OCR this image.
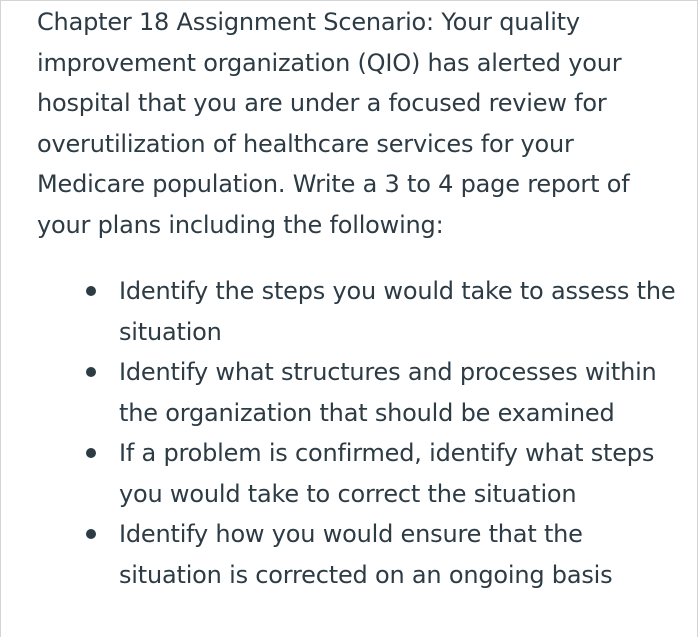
Chapter 18 Assignment Scenario: Your quality improvement organization (QIO) has alerted your hospital that you are under a focused review for overutilization of healthcare services for your Medicare population. Write a 3 to 4 page report of your plans including the following:

Identify the steps you would take to assess the situation
Identify what structures and processes within the organization that should be examined
If a problem is confirmed, identify what steps you would take to correct the situation
Identify how you would ensure that the situation is corrected on an ongoing basis
